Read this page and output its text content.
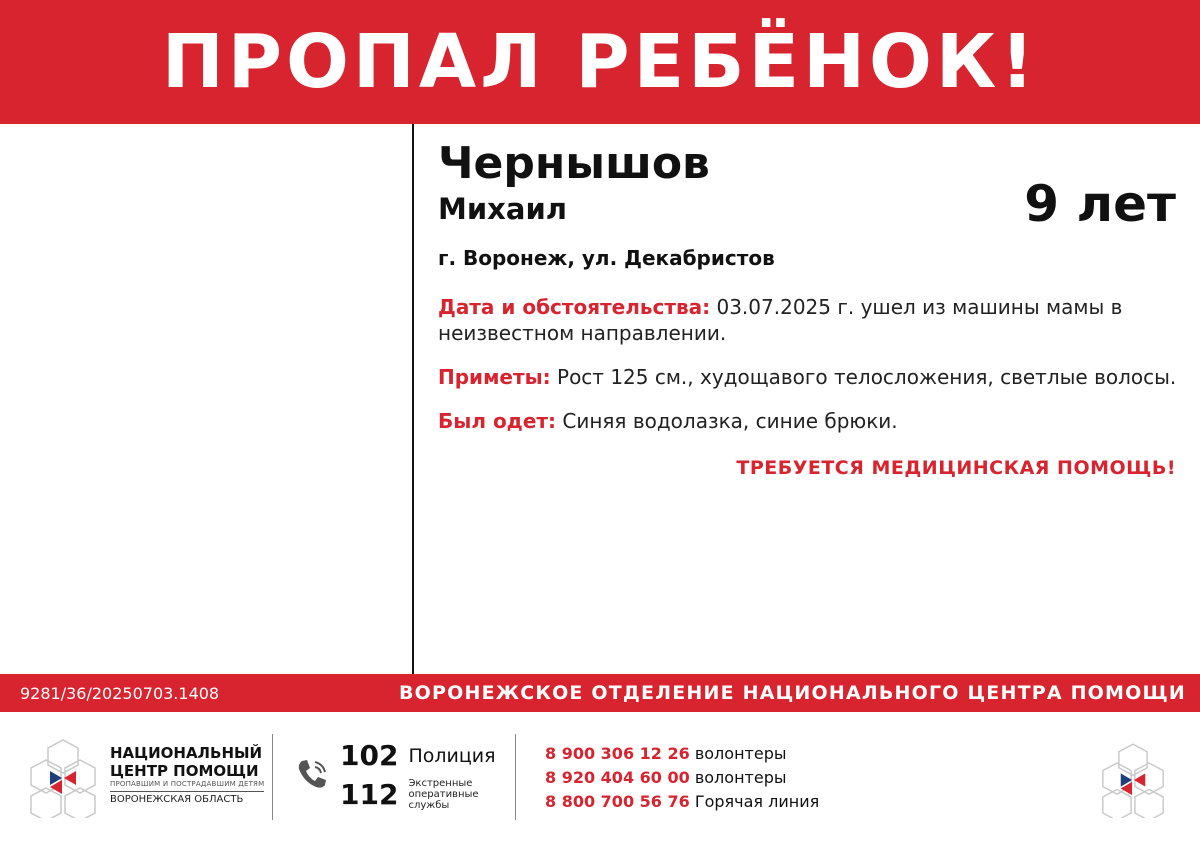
ПРОПАЛ РЕБЁНОК!
Чернышов
Михаил	9 лет
г. Воронеж, ул. Декабристов
Дата и обстоятельства: 03.07.2025 г. ушел из машины мамы в неизвестном направлении.
Приметы: Рост 125 см., худощавого телосложения, светлые волосы.
Был одет: Синяя водолазка, синие брюки.
ТРЕБУЕТСЯ МЕДИЦИНСКАЯ ПОМОЩЬ!
9281/36/20250703.1408	ВОРОНЕЖСКОЕ ОТДЕЛЕНИЕ НАЦИОНАЛЬНОГО ЦЕНТРА ПОМОЩИ
НАЦИОНАЛЬНЫЙ
ЦЕНТР ПОМОЩИ
ПРОПАВШИМ И ПОСТРАДАВШИМ ДЕТЯМ
ВОРОНЕЖСКАЯ ОБЛАСТЬ
102 Полиция
112 Экстренные оперативные службы
8 900 306 12 26 волонтеры
8 920 404 60 00 волонтеры
8 800 700 56 76 Горячая линия
